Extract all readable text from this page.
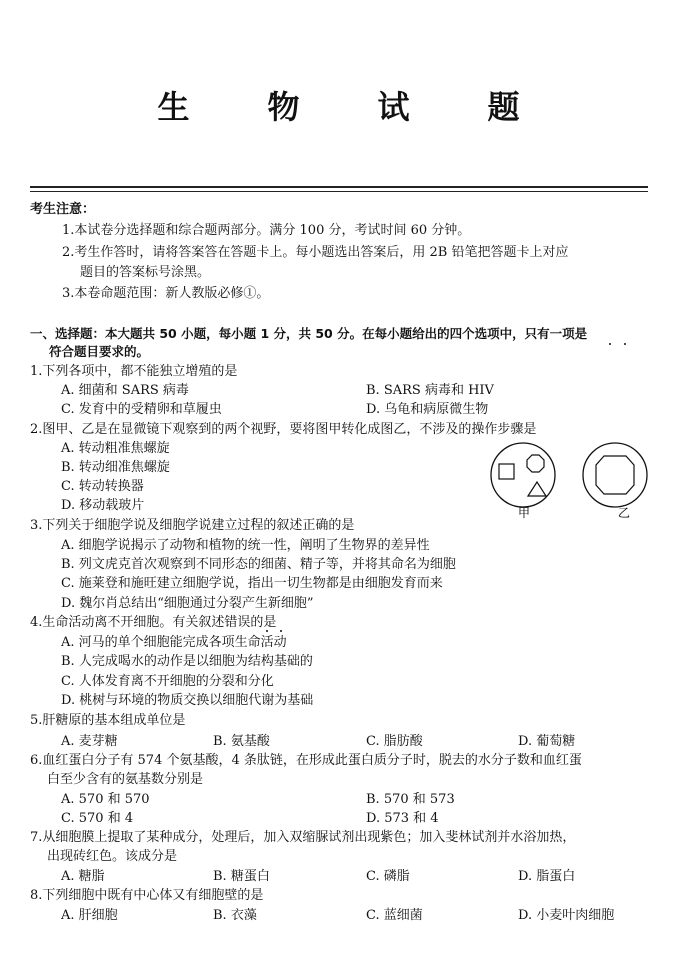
生 物 试 题
考生注意：
1.本试卷分选择题和综合题两部分。满分 100 分，考试时间 60 分钟。
2.考生作答时，请将答案答在答题卡上。每小题选出答案后，用 2B 铅笔把答题卡上对应
题目的答案标号涂黑。
3.本卷命题范围：新人教版必修①。
一、选择题：本大题共 50 小题，每小题 1 分，共 50 分。在每小题给出的四个选项中，只有一项是
符合题目要求的。
1.下列各项中，都不能独立增殖的是
A. 细菌和 SARS 病毒	B. SARS 病毒和 HIV
C. 发育中的受精卵和草履虫	D. 乌龟和病原微生物
2.图甲、乙是在显微镜下观察到的两个视野，要将图甲转化成图乙，不涉及的操作步骤是
A. 转动粗准焦螺旋
B. 转动细准焦螺旋
C. 转动转换器
D. 移动载玻片	甲	乙
3.下列关于细胞学说及细胞学说建立过程的叙述正确的是
A. 细胞学说揭示了动物和植物的统一性，阐明了生物界的差异性
B. 列文虎克首次观察到不同形态的细菌、精子等，并将其命名为细胞
C. 施莱登和施旺建立细胞学说，指出一切生物都是由细胞发育而来
D. 魏尔肖总结出“细胞通过分裂产生新细胞”
4.生命活动离不开细胞。有关叙述错误的是
A. 河马的单个细胞能完成各项生命活动
B. 人完成喝水的动作是以细胞为结构基础的
C. 人体发育离不开细胞的分裂和分化
D. 桃树与环境的物质交换以细胞代谢为基础
5.肝糖原的基本组成单位是
A. 麦芽糖	B. 氨基酸	C. 脂肪酸	D. 葡萄糖
6.血红蛋白分子有 574 个氨基酸，4 条肽链，在形成此蛋白质分子时，脱去的水分子数和血红蛋
白至少含有的氨基数分别是
A. 570 和 570	B. 570 和 573
C. 570 和 4	D. 573 和 4
7.从细胞膜上提取了某种成分，处理后，加入双缩脲试剂出现紫色；加入斐林试剂并水浴加热，
出现砖红色。该成分是
A. 糖脂	B. 糖蛋白	C. 磷脂	D. 脂蛋白
8.下列细胞中既有中心体又有细胞壁的是
A. 肝细胞	B. 衣藻	C. 蓝细菌	D. 小麦叶肉细胞
